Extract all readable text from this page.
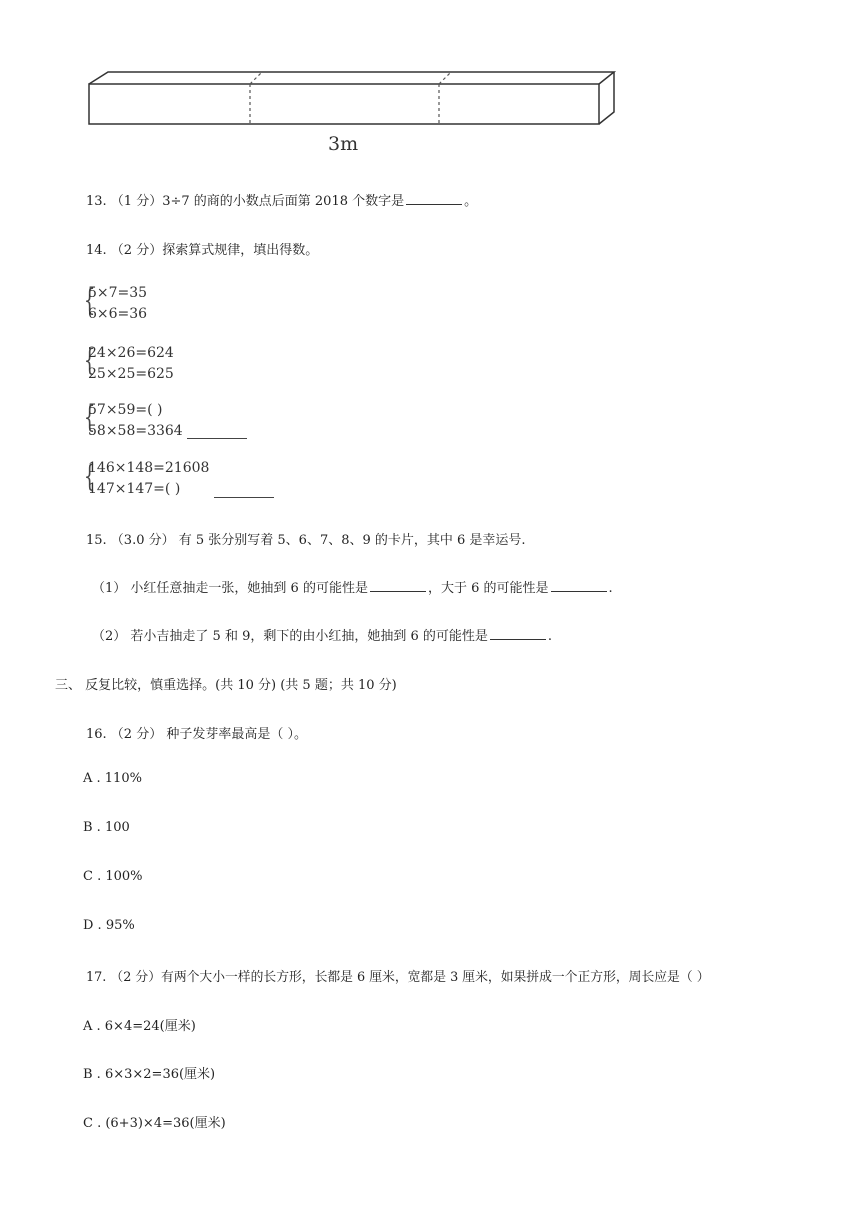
3m
13. （1 分）3÷7 的商的小数点后面第 2018 个数字是	。
14. （2 分）探索算式规律，填出得数。
{
5×7=35
6×6=36
{
24×26=624
25×25=625
{
57×59=( )
58×58=3364
{
146×148=21608
147×147=( )
15. （3.0 分） 有 5 张分别写着 5、6、7、8、9 的卡片，其中 6 是幸运号.
（1） 小红任意抽走一张，她抽到 6 的可能性是	，大于 6 的可能性是	.
（2） 若小吉抽走了 5 和 9，剩下的由小红抽，她抽到 6 的可能性是	.
三、 反复比较，慎重选择。(共 10 分) (共 5 题；共 10 分)
16. （2 分） 种子发芽率最高是（ ）。
A . 110%
B . 100
C . 100%
D . 95%
17. （2 分）有两个大小一样的长方形，长都是 6 厘米，宽都是 3 厘米，如果拼成一个正方形，周长应是（ ）
A . 6×4=24(厘米)
B . 6×3×2=36(厘米)
C . (6+3)×4=36(厘米)
